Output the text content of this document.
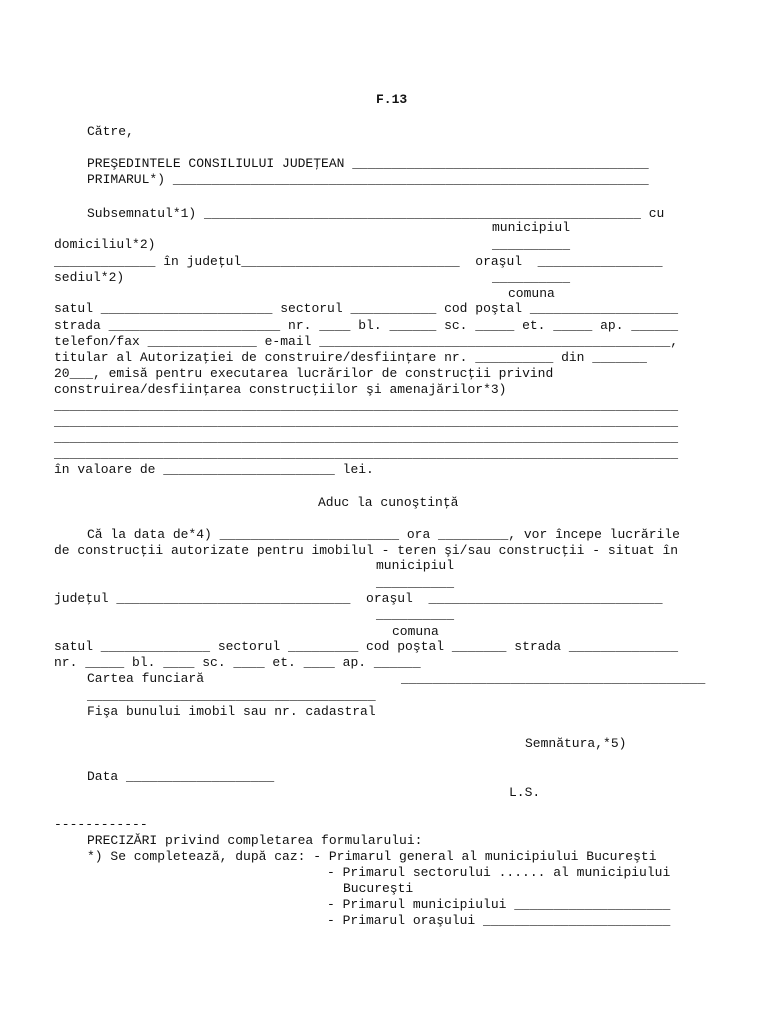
F.13
Către,
PREŞEDINTELE CONSILIULUI JUDEŢEAN ______________________________________
PRIMARUL*) _____________________________________________________________
Subsemnatul*1) ________________________________________________________ cu
municipiul
domiciliul*2)	__________
_____________ în judeţul____________________________  oraşul  ________________
sediul*2)	__________
comuna
satul ______________________ sectorul ___________ cod poştal ___________________
strada ______________________ nr. ____ bl. ______ sc. _____ et. _____ ap. ______
telefon/fax ______________ e-mail _____________________________________________,
titular al Autorizaţiei de construire/desfiinţare nr. __________ din _______
20___, emisă pentru executarea lucrărilor de construcţii privind
construirea/desfiinţarea construcţiilor şi amenajărilor*3)
________________________________________________________________________________
________________________________________________________________________________
________________________________________________________________________________
________________________________________________________________________________
în valoare de ______________________ lei.
Aduc la cunoştinţă
Că la data de*4) _______________________ ora _________, vor începe lucrările
de construcţii autorizate pentru imobilul - teren şi/sau construcţii - situat în
municipiul
__________
judeţul ______________________________  oraşul  ______________________________
__________
comuna
satul ______________ sectorul _________ cod poştal _______ strada ______________
nr. _____ bl. ____ sc. ____ et. ____ ap. ______
Cartea funciară	_______________________________________
_____________________________________
Fişa bunului imobil sau nr. cadastral
Semnătura,*5)
Data ___________________
L.S.
------------
PRECIZĂRI privind completarea formularului:
*) Se completează, după caz: - Primarul general al municipiului Bucureşti
- Primarul sectorului ...... al municipiului
Bucureşti
- Primarul municipiului ____________________
- Primarul oraşului ________________________
